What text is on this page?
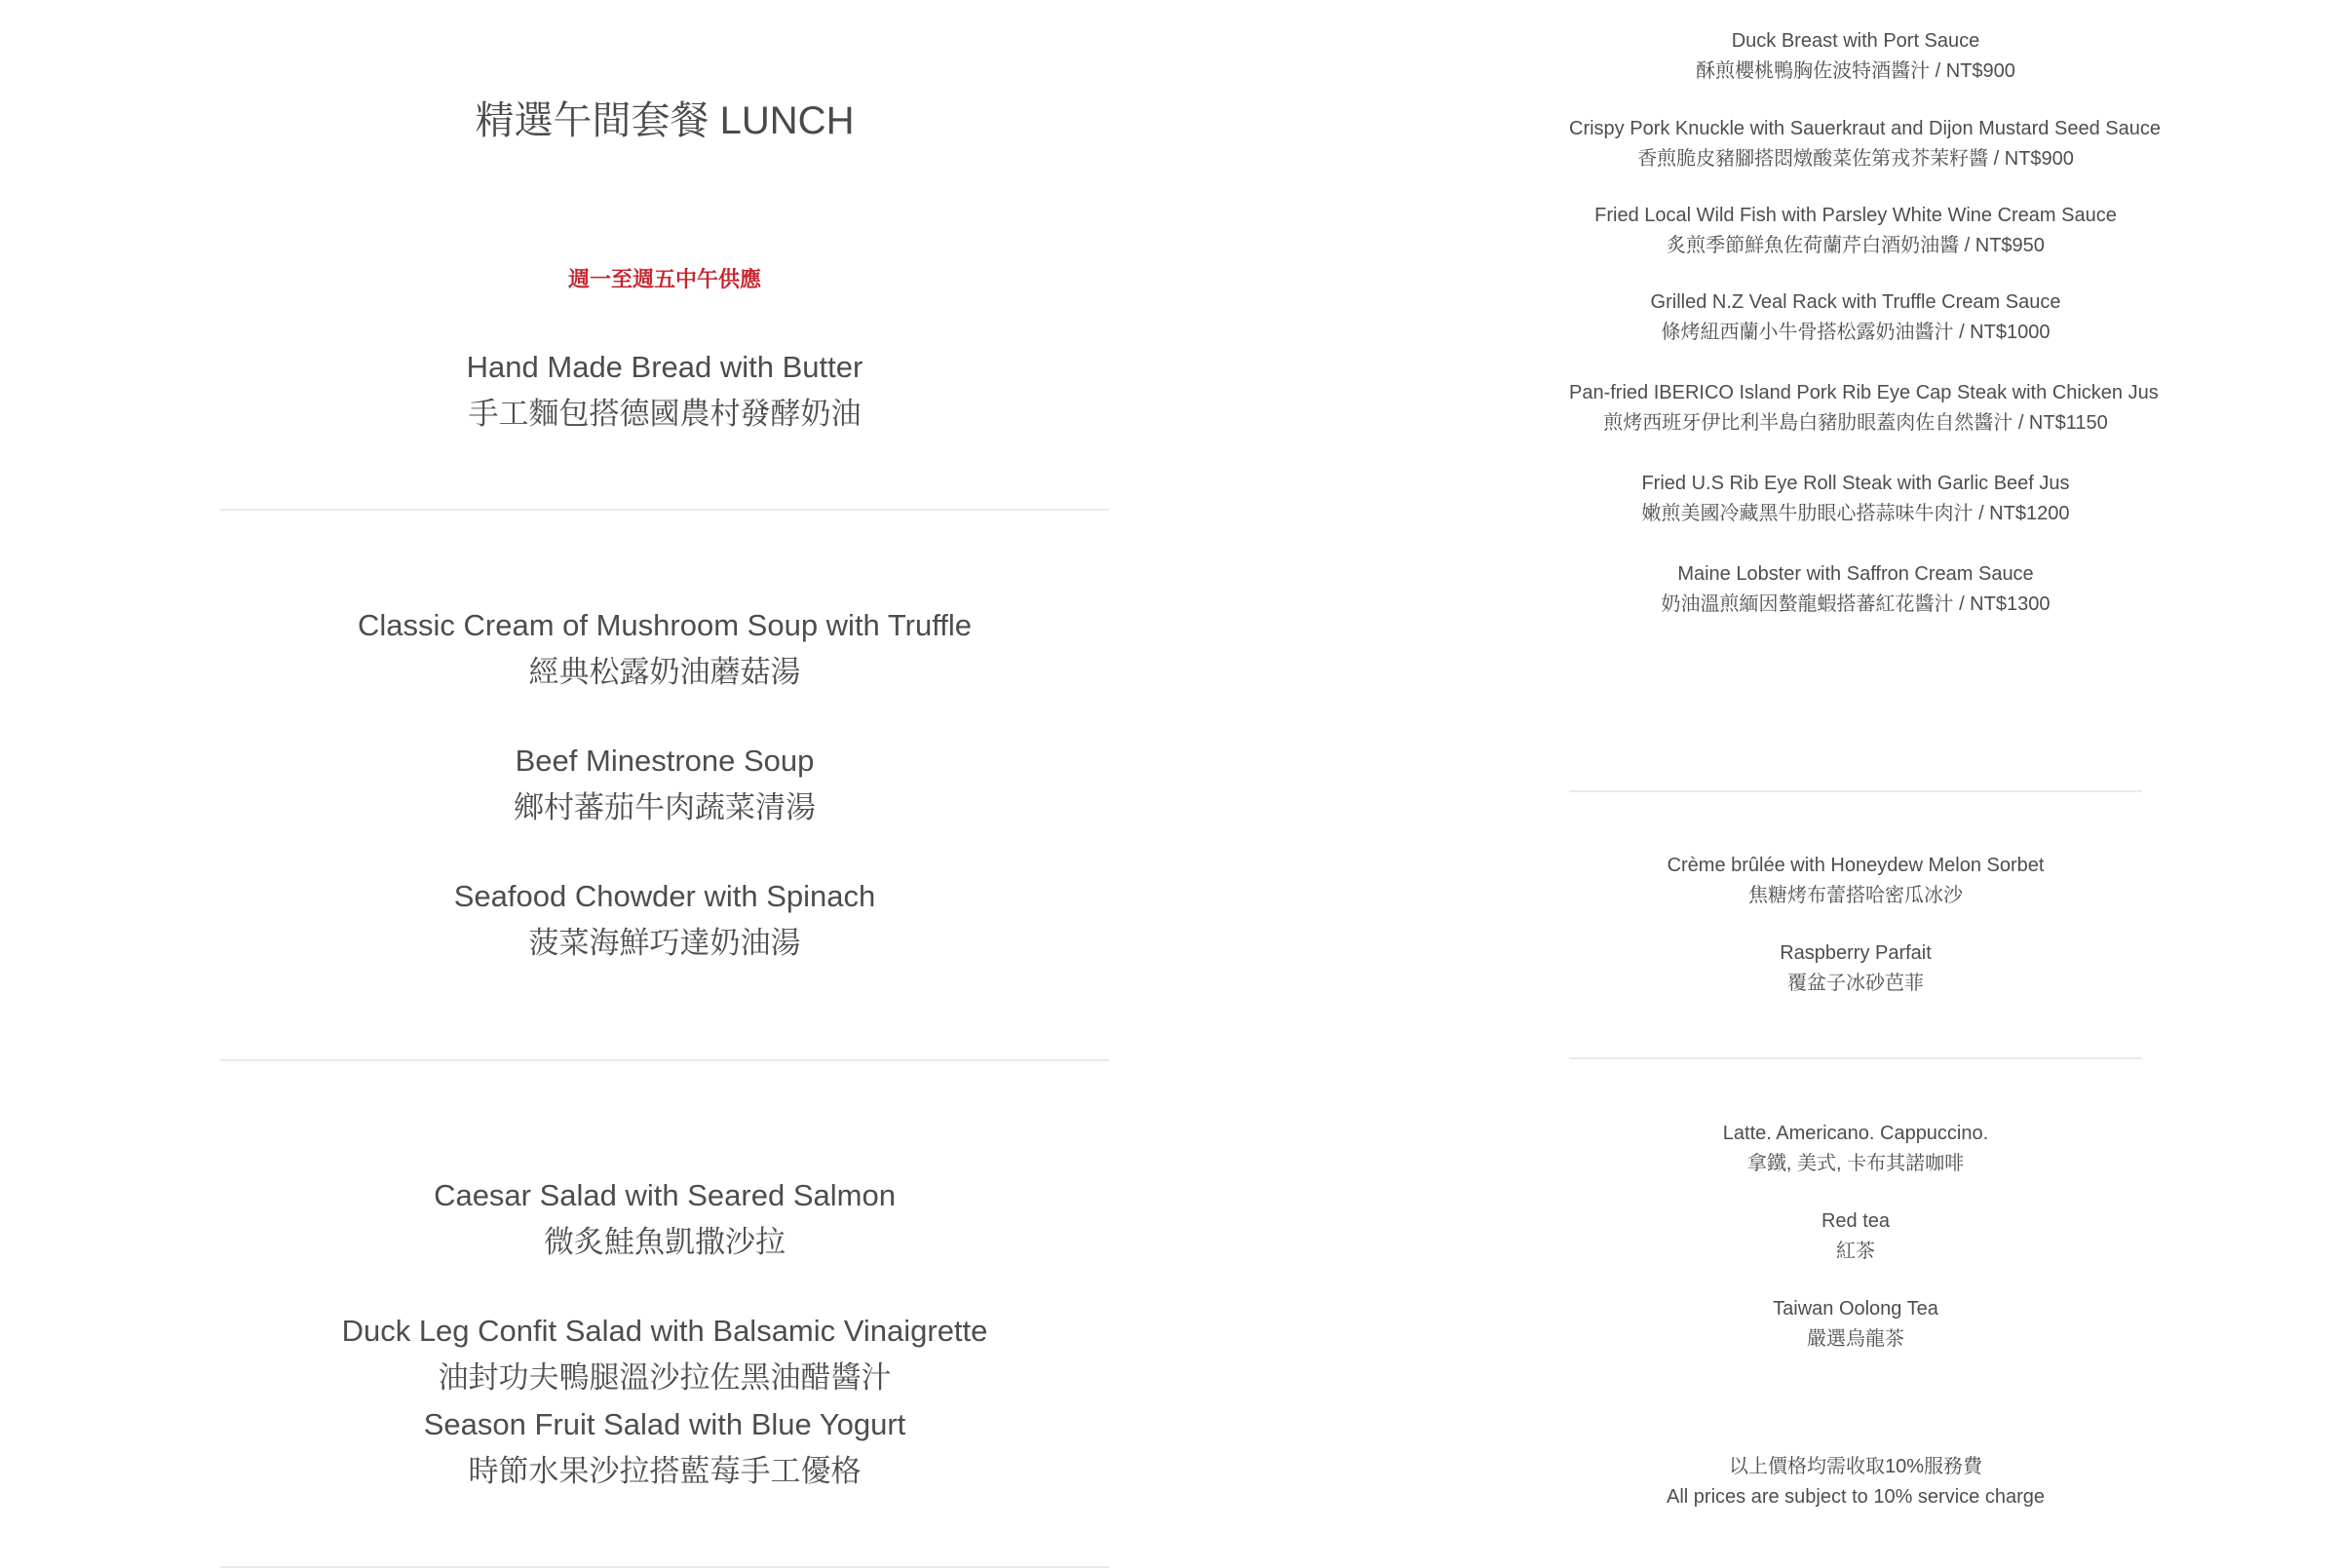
精選午間套餐 LUNCH
週一至週五中午供應
Hand Made Bread with Butter
手工麵包搭德國農村發酵奶油
Classic Cream of Mushroom Soup with Truffle
經典松露奶油蘑菇湯
Beef Minestrone Soup
鄉村蕃茄牛肉蔬菜清湯
Seafood Chowder with Spinach
菠菜海鮮巧達奶油湯
Caesar Salad with Seared Salmon
微炙鮭魚凱撒沙拉
Duck Leg Confit Salad with Balsamic Vinaigrette
油封功夫鴨腿溫沙拉佐黑油醋醬汁
Season Fruit Salad with Blue Yogurt
時節水果沙拉搭藍莓手工優格
Duck Breast with Port Sauce
酥煎櫻桃鴨胸佐波特酒醬汁 / NT$900
Crispy Pork Knuckle with Sauerkraut and Dijon Mustard Seed Sauce
香煎脆皮豬腳搭悶燉酸菜佐第戎芥茉籽醬 / NT$900
Fried Local Wild Fish with Parsley White Wine Cream Sauce
炙煎季節鮮魚佐荷蘭芹白酒奶油醬 / NT$950
Grilled N.Z Veal Rack with Truffle Cream Sauce
條烤紐西蘭小牛骨搭松露奶油醬汁 / NT$1000
Pan-fried IBERICO Island Pork Rib Eye Cap Steak with Chicken Jus
煎烤西班牙伊比利半島白豬肋眼蓋肉佐自然醬汁 / NT$1150
Fried U.S Rib Eye Roll Steak with Garlic Beef Jus
嫩煎美國冷藏黑牛肋眼心搭蒜味牛肉汁 / NT$1200
Maine Lobster with Saffron Cream Sauce
奶油溫煎緬因螯龍蝦搭蕃紅花醬汁 / NT$1300
Crème brûlée with Honeydew Melon Sorbet
焦糖烤布蕾搭哈密瓜冰沙
Raspberry Parfait
覆盆子冰砂芭菲
Latte. Americano. Cappuccino.
拿鐵, 美式, 卡布其諾咖啡
Red tea
紅茶
Taiwan Oolong Tea
嚴選烏龍茶
以上價格均需收取10%服務費
All prices are subject to 10% service charge
